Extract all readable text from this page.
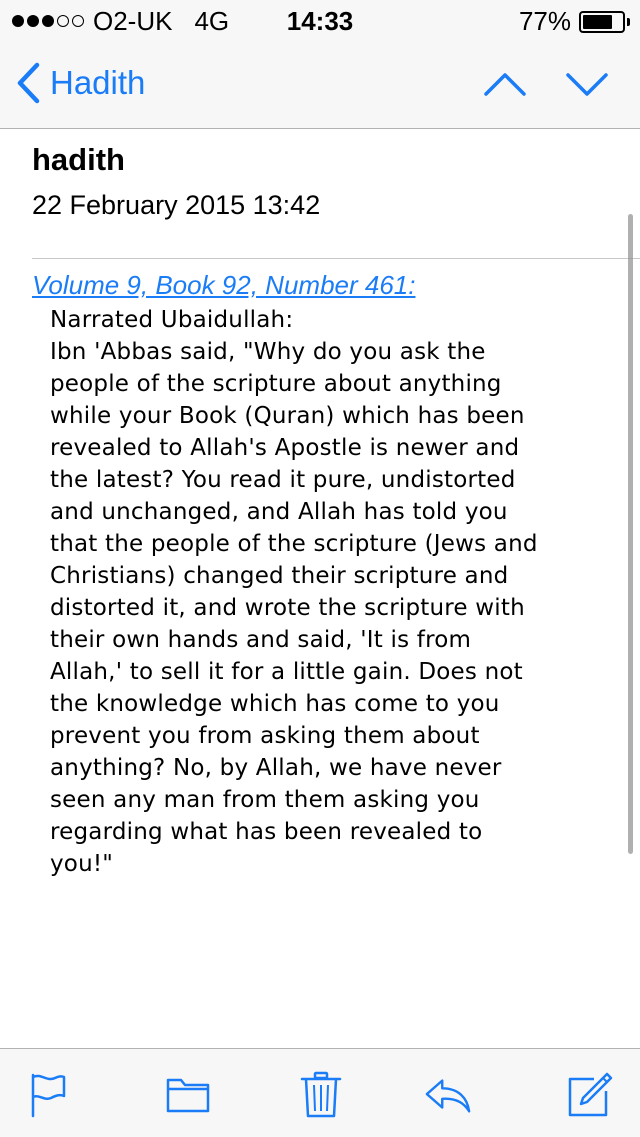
O2-UK 4G	14:33	77%
Hadith
hadith
22 February 2015 13:42
Volume 9, Book 92, Number 461:
Narrated Ubaidullah:
Ibn 'Abbas said, "Why do you ask the
people of the scripture about anything
while your Book (Quran) which has been
revealed to Allah's Apostle is newer and
the latest? You read it pure, undistorted
and unchanged, and Allah has told you
that the people of the scripture (Jews and
Christians) changed their scripture and
distorted it, and wrote the scripture with
their own hands and said, 'It is from
Allah,' to sell it for a little gain. Does not
the knowledge which has come to you
prevent you from asking them about
anything? No, by Allah, we have never
seen any man from them asking you
regarding what has been revealed to
you!"
